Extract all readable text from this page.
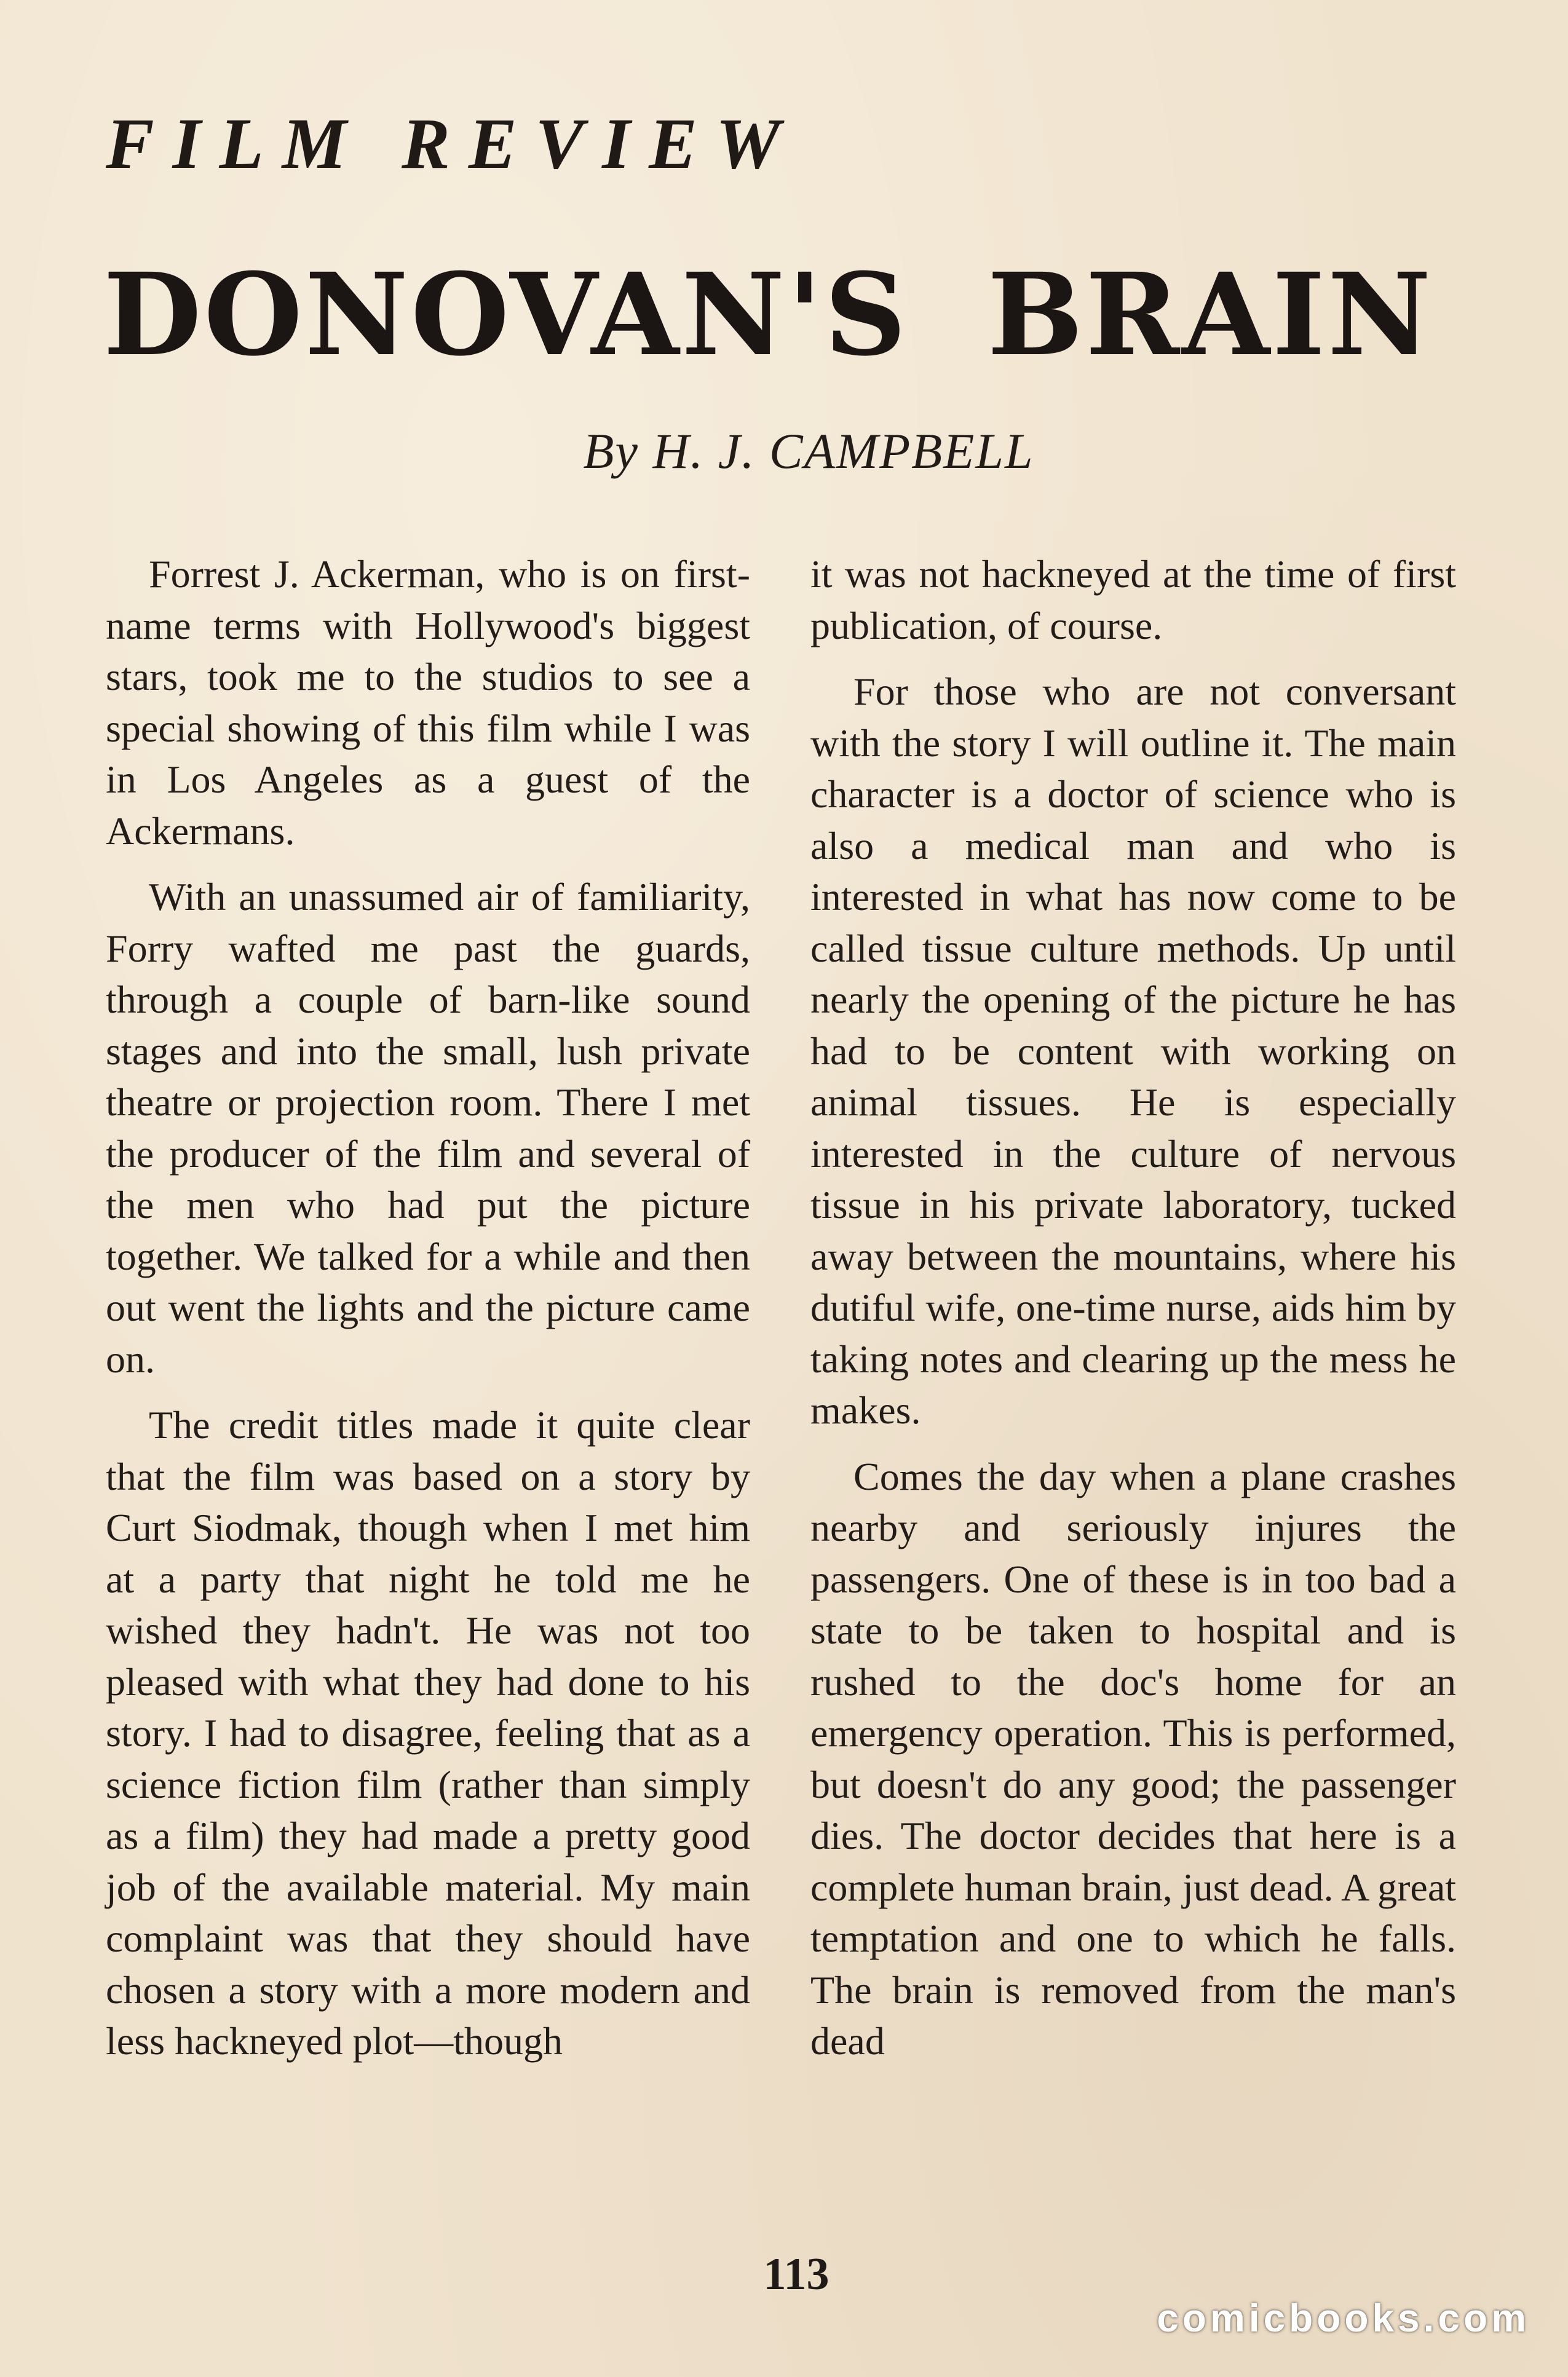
FILM REVIEW
DONOVAN'S BRAIN
By H. J. CAMPBELL

Forrest J. Ackerman, who is on first-name terms with Hollywood's biggest stars, took me to the studios to see a special showing of this film while I was in Los Angeles as a guest of the Ackermans.

With an unassumed air of familiarity, Forry wafted me past the guards, through a couple of barn-like sound stages and into the small, lush private theatre or projection room. There I met the producer of the film and several of the men who had put the picture together. We talked for a while and then out went the lights and the picture came on.

The credit titles made it quite clear that the film was based on a story by Curt Siodmak, though when I met him at a party that night he told me he wished they hadn't. He was not too pleased with what they had done to his story. I had to disagree, feeling that as a science fiction film (rather than simply as a film) they had made a pretty good job of the available material. My main complaint was that they should have chosen a story with a more modern and less hackneyed plot—though

it was not hackneyed at the time of first publication, of course.

For those who are not conversant with the story I will outline it. The main character is a doctor of science who is also a medical man and who is interested in what has now come to be called tissue culture methods. Up until nearly the opening of the picture he has had to be content with working on animal tissues. He is especially interested in the culture of nervous tissue in his private laboratory, tucked away between the mountains, where his dutiful wife, one-time nurse, aids him by taking notes and clearing up the mess he makes.

Comes the day when a plane crashes nearby and seriously injures the passengers. One of these is in too bad a state to be taken to hospital and is rushed to the doc's home for an emergency operation. This is performed, but doesn't do any good; the passenger dies. The doctor decides that here is a complete human brain, just dead. A great temptation and one to which he falls. The brain is removed from the man's dead

113
comicbooks.com
